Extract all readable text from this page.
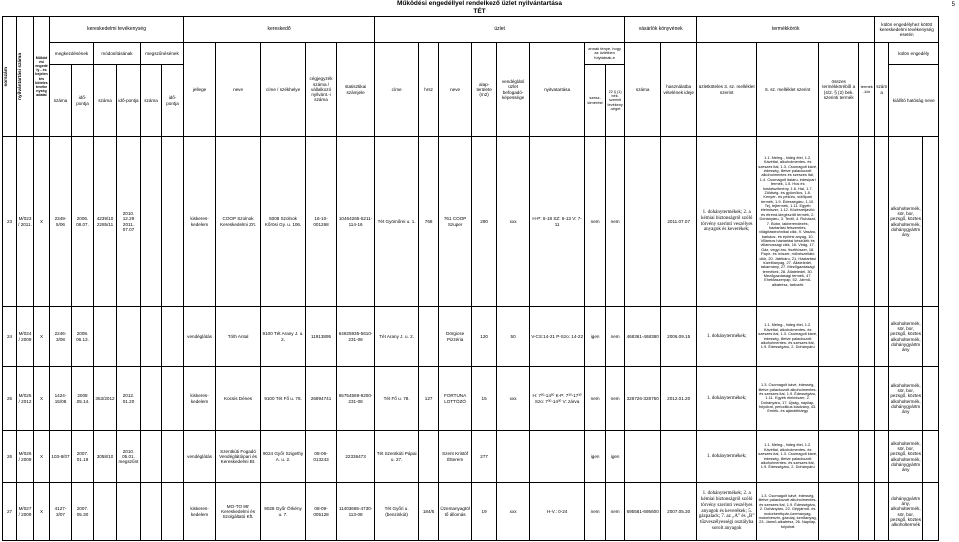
Működési engedéllyel rendelkező üzlet nyilvántartása
TÉT
5
sorszám	nyilvántartási száma	Működési engedély - és bejelentés köteles tevékenység adatai	kereskedelmi tevékenység						kereskedő					üzlet								vásárlók könyvének		termékkörök				külön engedélyhez kötött kereskedelmi tevékenység esetén		
			megkezdésének		módosításának		megszűnésének		jellege	neve	címe / székhelye	cégjegyzék száma / vállalkozó nyilvánt.-i száma	statisztikai számjele	címe	hrsz	neve	alap-területe (m2)	vendéglátó üzlet befogadó-képessége	nyitvatartása	annak ténye, hogy az üzletben folytatnak-e		száma	használatba vételének ideje	üzletköteles 3. sz. melléklet szerint	6. sz. melléklet szerint	összes termékköréből a (4/2. § (2) bek. szerinti termék	termék-kör	száma	külön engedély	
			száma	idő-pontja	száma	idő-pontja	száma	idő-pontja												szesz-kimérést	22 § (1) bek. szerinti tevékeny-séget								kiállító hatóság neve	
23	M/023/ 2011.	X	2349-5/06	2006. 08.07.	4239/10 2285/11	2010. 12.29 2011. 07.07			kiskeres-kedelem	COOP Szolnok Kereskedelmi Zrt.	5008 Szolnok Kőrösi Gy. u. 106.	16-10-001268	10464265-5211-114-16	Tét Gyömőrei u. 1.	768	761 COOP Szuper	280	xxx	H-P: 6-18 SZ: 6-13 V: 7-11	nem	nem		2011.07.07	1. dohánytermékek; 2. a kémiai biztonságról szóló törvény szerinti veszélyes anyagok és keverékek;	1.1. Meleg-, hideg étel, 1.2. Kávéital, alkoholmentes- és szeszes ital, 1.3. Csomagolt kávé, édesség, illetve palackozott alkoholmentes és szeszes ital, 1.4. Csomagolt italáru, édesipari termék, 1.5. Hús és húskészítmény, 1.6. Hal, 1.7. Zöldség- és gyümölcs, 1.8. Kenyér- és péküru, sütőipari termék, 1.9. Édességáru, 1.10. Tej, tejtermék, 1.11. Egyéb élelmiszer, 1.12. Közérzetjavító és étrend-kiegészítő termék, 2. Dohányáru, 3. Textil, 4. Ruházat, 7. Bútor, lakberendezés, háztartási felszerelés, világítástechnikai cikk, 9. Vasáru, barkács- és építési anyag, 10. Villamos háztartási készülék és villamossági cikk, 16. Virág, 17. Gáz, vegyi áru, tisztítószer, 18. Papír- és írószer, művészellátó cikk, 20. Játékáru, 21. Háztartási tüzelőanyag, 27. Állateledel, takarmány, 27. Mezőgazdasági termékek, 28. Állateledel, 30. Mezőgazdasági termék, 47. Ehetőaszerpap, 52. Jármű-alkatrész, tartozék				alkoholtermék, sör, bor, pezsgő, köztes alkoholtermék, dohánygyártmány	
24	M/024/ 2009	X	2246-3/08	2008. 06.13.					vendéglátás	Tóth Antal	9100 Tét Arany J. u. 2.	11913895	64825935-5610-231-08	Tét Arany J. u. 2.		Dörgicse Pizzéria	120	50	V-CS:14-21 P-Szo: 14-22	igen	nem	468361-468380	2006.09.15	1. dohánytermékek;	1.1. Meleg-, hideg étel, 1.2. Kávéital, alkoholmentes- és szeszes ital, 1.3. Csomagolt kávé, édesség, illetve palackozott alkoholmentes- és szeszes ital, 1.9. Édességáru, 2. Dohányáru				alkoholtermék, sör, bor, pezsgő, köztes alkoholtermék, dohánygyártmány	
25	M/025/ 2012	X	1424-15/08	2008 .05.14.	353/2012	2012. 01.20			kiskeres-kedelem	Kocsis Dénes	9100 Tét Fő u. 78.	26894741	65754559-9200-231-08	Tét Fő u. 78.	127	FORTUNA LOTTÓZÓ	15	xxx	H: 7³⁰-14³⁰ K-P: 7³⁰-17³⁰ Szo: 7³⁰-14³⁰ V: zárva	nem	nem	328726-328750	2012.01.20	1. dohánytermékek;	1.3. Csomagolt kávé, édesség, illetve palackozott alkoholmentes- és szeszes ital, 1.9. Édességáru, 1.11. Egyéb élelmiszer, 2. Dohányáru, 17. Újság, napilap, folyóirat, periodikus kiadvány, 43. Emlék- és ajándéktárgy				alkoholtermék, sör, bor, pezsgő, köztes alkoholtermék, dohánygyártmány	
26	M/026/ 2009	X	103-8/07	2007. 01.19	3058/10	2010. 05.01. megszűnt			vendéglátás	Szentkúti Fogadó Vendéglátóipari és Kereskedelmi Bt.	9024 Győr Szigethy A. u. 2.	08-06-013243	22336473	Tét Szentkúti Pápai u. 27.		Szent Kristóf Étterem	277			igen	igen			1. dohánytermékek;	1.1. Meleg-, hideg étel, 1.2. Kávéital, alkoholmentes- és szeszes ital, 1.3. Csomagolt kávé, édesség, illetve palackozott alkoholmentes- és szeszes ital, 1.9. Édességáru, 2. Dohányáru				alkoholtermék, sör, bor, pezsgő, köztes alkoholtermék, dohánygyártmány	
27	M/027/ 2009	X	4127-3/07	2007. 05.30					kiskeres-kedelem	MO-TO 95' Kereskedelmi és Szolgáltató Kft.	9028 Győr Örkény u. 7.	08-09-005128	11403665-4730-113-08	Tét Győri u. (benzinkút)	184/5	Üzemanyagtöltő állomás	19	xxx	H-V.: 0-24	nem	nem	695581-695600	2007.05.30	1. dohánytermékek; 2. a kémiai biztonságról szóló törvény szerinti veszélyes anyagok és keverékek; 5. gázpalack; 7. az „A” és „B” tűzveszélyességi osztályba sorolt anyagok	1.3. Csomagolt kávé, édesség, illetve palackozott alkoholmentes- és szeszes ital, 1.9. Édességáru, 2. Dohányáru, 22. Gépjármű- és motorkerékpár-üzemanyag, motorbenzin, gázolaj, kenőanyag, 23. Jármű-alkatrész, 26. Napilap, folyóirat				dohánygyártmány, alkoholtermék, sör, bor, pezsgő, köztes alkoholtermék	
